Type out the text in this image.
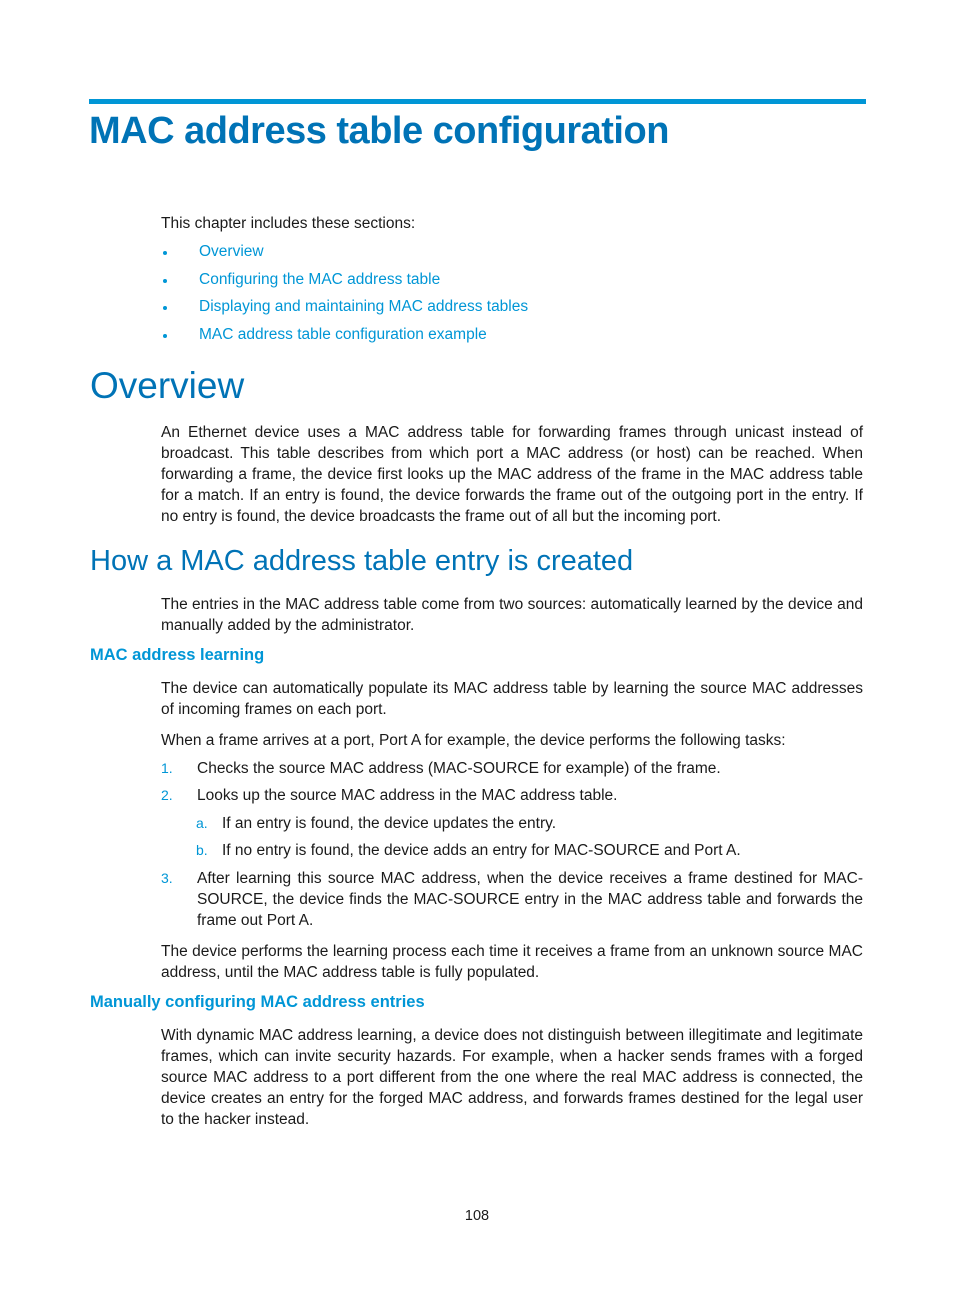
MAC address table configuration

This chapter includes these sections:

Overview
Configuring the MAC address table
Displaying and maintaining MAC address tables
MAC address table configuration example
Overview

An Ethernet device uses a MAC address table for forwarding frames through unicast instead of broadcast. This table describes from which port a MAC address (or host) can be reached. When forwarding a frame, the device first looks up the MAC address of the frame in the MAC address table for a match. If an entry is found, the device forwards the frame out of the outgoing port in the entry. If no entry is found, the device broadcasts the frame out of all but the incoming port.

How a MAC address table entry is created

The entries in the MAC address table come from two sources: automatically learned by the device and manually added by the administrator.

MAC address learning

The device can automatically populate its MAC address table by learning the source MAC addresses of incoming frames on each port.

When a frame arrives at a port, Port A for example, the device performs the following tasks:

1.	Checks the source MAC address (MAC-SOURCE for example) of the frame.
2.	Looks up the source MAC address in the MAC address table.
a. If an entry is found, the device updates the entry.
b. If no entry is found, the device adds an entry for MAC-SOURCE and Port A.
3.	After learning this source MAC address, when the device receives a frame destined for MAC-SOURCE, the device finds the MAC-SOURCE entry in the MAC address table and forwards the frame out Port A.

The device performs the learning process each time it receives a frame from an unknown source MAC address, until the MAC address table is fully populated.

Manually configuring MAC address entries

With dynamic MAC address learning, a device does not distinguish between illegitimate and legitimate frames, which can invite security hazards. For example, when a hacker sends frames with a forged source MAC address to a port different from the one where the real MAC address is connected, the device creates an entry for the forged MAC address, and forwards frames destined for the legal user to the hacker instead.

108
